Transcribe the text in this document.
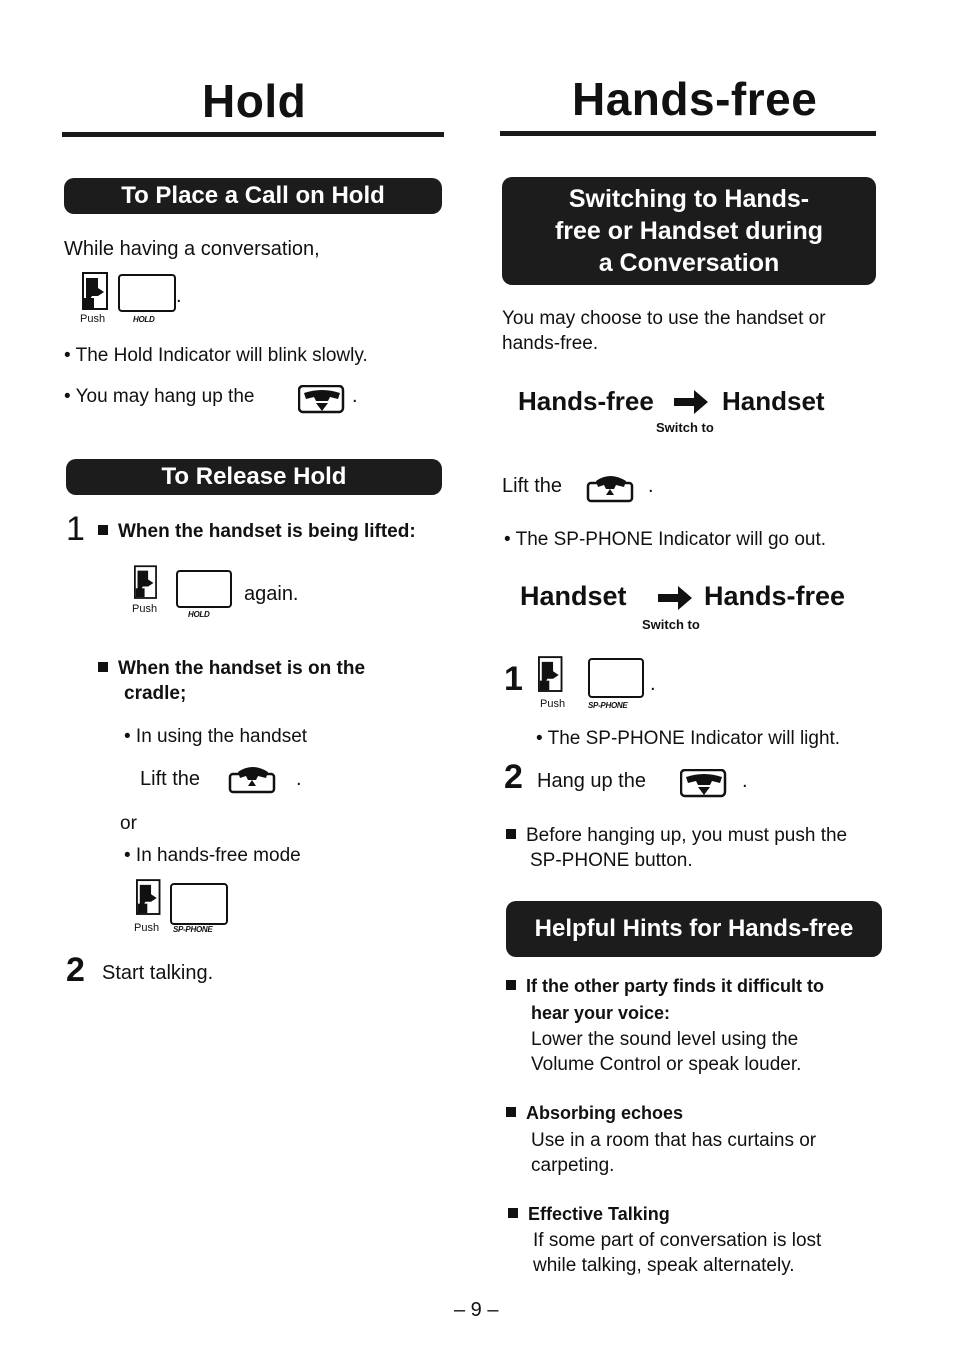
Hold
To Place a Call on Hold
While having a conversation,
.
Push	HOLD
• The Hold Indicator will blink slowly.
• You may hang up the	.
To Release Hold
1	When the handset is being lifted:
again.
Push	HOLD
When the handset is on the
cradle;
• In using the handset
Lift the	.
or
• In hands-free mode
Push SP-PHONE
2 Start talking.
Hands-free
Switching to Hands-
free or Handset during
a Conversation
You may choose to use the handset or
hands-free.
Hands-free	Handset
Switch to
Lift the	.
• The SP-PHONE Indicator will go out.
Handset	Hands-free
Switch to
1	.
Push	SP-PHONE
• The SP-PHONE Indicator will light.
2 Hang up the	.
Before hanging up, you must push the
SP-PHONE button.
Helpful Hints for Hands-free
If the other party finds it difficult to
hear your voice:
Lower the sound level using the
Volume Control or speak louder.
Absorbing echoes
Use in a room that has curtains or
carpeting.
Effective Talking
If some part of conversation is lost
while talking, speak alternately.
– 9 –
